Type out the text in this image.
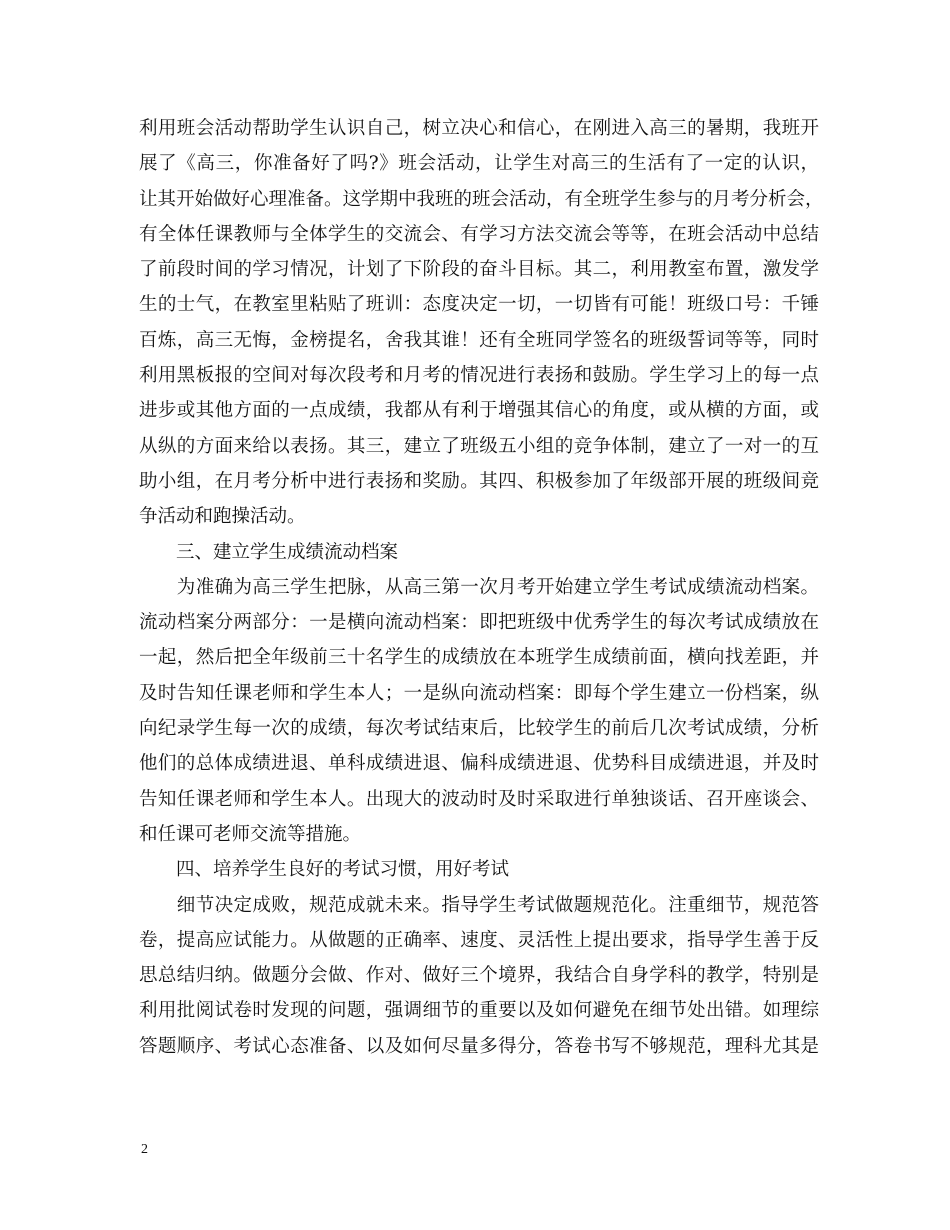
利用班会活动帮助学生认识自己，树立决心和信心，在刚进入高三的暑期，我班开
展了《高三，你准备好了吗?》班会活动，让学生对高三的生活有了一定的认识，
让其开始做好心理准备。这学期中我班的班会活动，有全班学生参与的月考分析会，
有全体任课教师与全体学生的交流会、有学习方法交流会等等，在班会活动中总结
了前段时间的学习情况，计划了下阶段的奋斗目标。其二，利用教室布置，激发学
生的士气，在教室里粘贴了班训：态度决定一切，一切皆有可能！班级口号：千锤
百炼，高三无悔，金榜提名，舍我其谁！还有全班同学签名的班级誓词等等，同时
利用黑板报的空间对每次段考和月考的情况进行表扬和鼓励。学生学习上的每一点
进步或其他方面的一点成绩，我都从有利于增强其信心的角度，或从横的方面，或
从纵的方面来给以表扬。其三，建立了班级五小组的竞争体制，建立了一对一的互
助小组，在月考分析中进行表扬和奖励。其四、积极参加了年级部开展的班级间竞
争活动和跑操活动。
　　三、建立学生成绩流动档案
　　为准确为高三学生把脉，从高三第一次月考开始建立学生考试成绩流动档案。
流动档案分两部分：一是横向流动档案：即把班级中优秀学生的每次考试成绩放在
一起，然后把全年级前三十名学生的成绩放在本班学生成绩前面，横向找差距，并
及时告知任课老师和学生本人；一是纵向流动档案：即每个学生建立一份档案，纵
向纪录学生每一次的成绩，每次考试结束后，比较学生的前后几次考试成绩，分析
他们的总体成绩进退、单科成绩进退、偏科成绩进退、优势科目成绩进退，并及时
告知任课老师和学生本人。出现大的波动时及时采取进行单独谈话、召开座谈会、
和任课可老师交流等措施。
　　四、培养学生良好的考试习惯，用好考试
　　细节决定成败，规范成就未来。指导学生考试做题规范化。注重细节，规范答
卷，提高应试能力。从做题的正确率、速度、灵活性上提出要求，指导学生善于反
思总结归纳。做题分会做、作对、做好三个境界，我结合自身学科的教学，特别是
利用批阅试卷时发现的问题，强调细节的重要以及如何避免在细节处出错。如理综
答题顺序、考试心态准备、以及如何尽量多得分，答卷书写不够规范，理科尤其是
2
